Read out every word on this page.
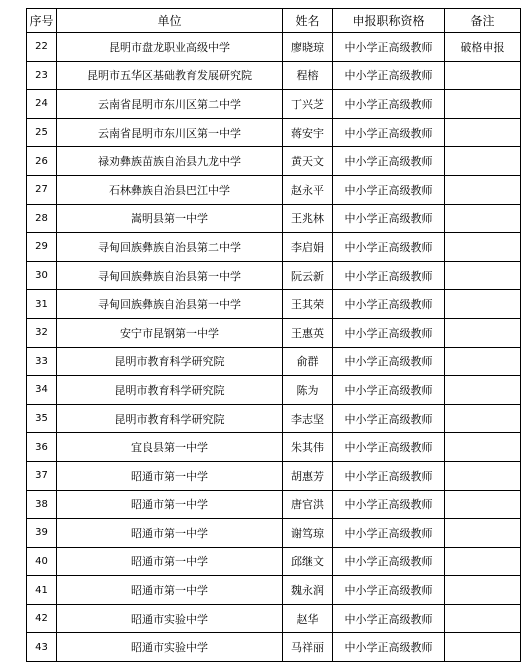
序号	单位	姓名	申报职称资格	备注
22	昆明市盘龙职业高级中学	廖晓琼	中小学正高级教师	破格申报
23	昆明市五华区基础教育发展研究院	程榕	中小学正高级教师	
24	云南省昆明市东川区第二中学	丁兴芝	中小学正高级教师	
25	云南省昆明市东川区第一中学	蒋安宇	中小学正高级教师	
26	禄劝彝族苗族自治县九龙中学	黄天文	中小学正高级教师	
27	石林彝族自治县巴江中学	赵永平	中小学正高级教师	
28	嵩明县第一中学	王兆林	中小学正高级教师	
29	寻甸回族彝族自治县第二中学	李启娟	中小学正高级教师	
30	寻甸回族彝族自治县第一中学	阮云新	中小学正高级教师	
31	寻甸回族彝族自治县第一中学	王其荣	中小学正高级教师	
32	安宁市昆钢第一中学	王惠英	中小学正高级教师	
33	昆明市教育科学研究院	俞群	中小学正高级教师	
34	昆明市教育科学研究院	陈为	中小学正高级教师	
35	昆明市教育科学研究院	李志坚	中小学正高级教师	
36	宜良县第一中学	朱其伟	中小学正高级教师	
37	昭通市第一中学	胡惠芳	中小学正高级教师	
38	昭通市第一中学	唐官洪	中小学正高级教师	
39	昭通市第一中学	谢笃琼	中小学正高级教师	
40	昭通市第一中学	邱继文	中小学正高级教师	
41	昭通市第一中学	魏永润	中小学正高级教师	
42	昭通市实验中学	赵华	中小学正高级教师	
43	昭通市实验中学	马祥丽	中小学正高级教师	
